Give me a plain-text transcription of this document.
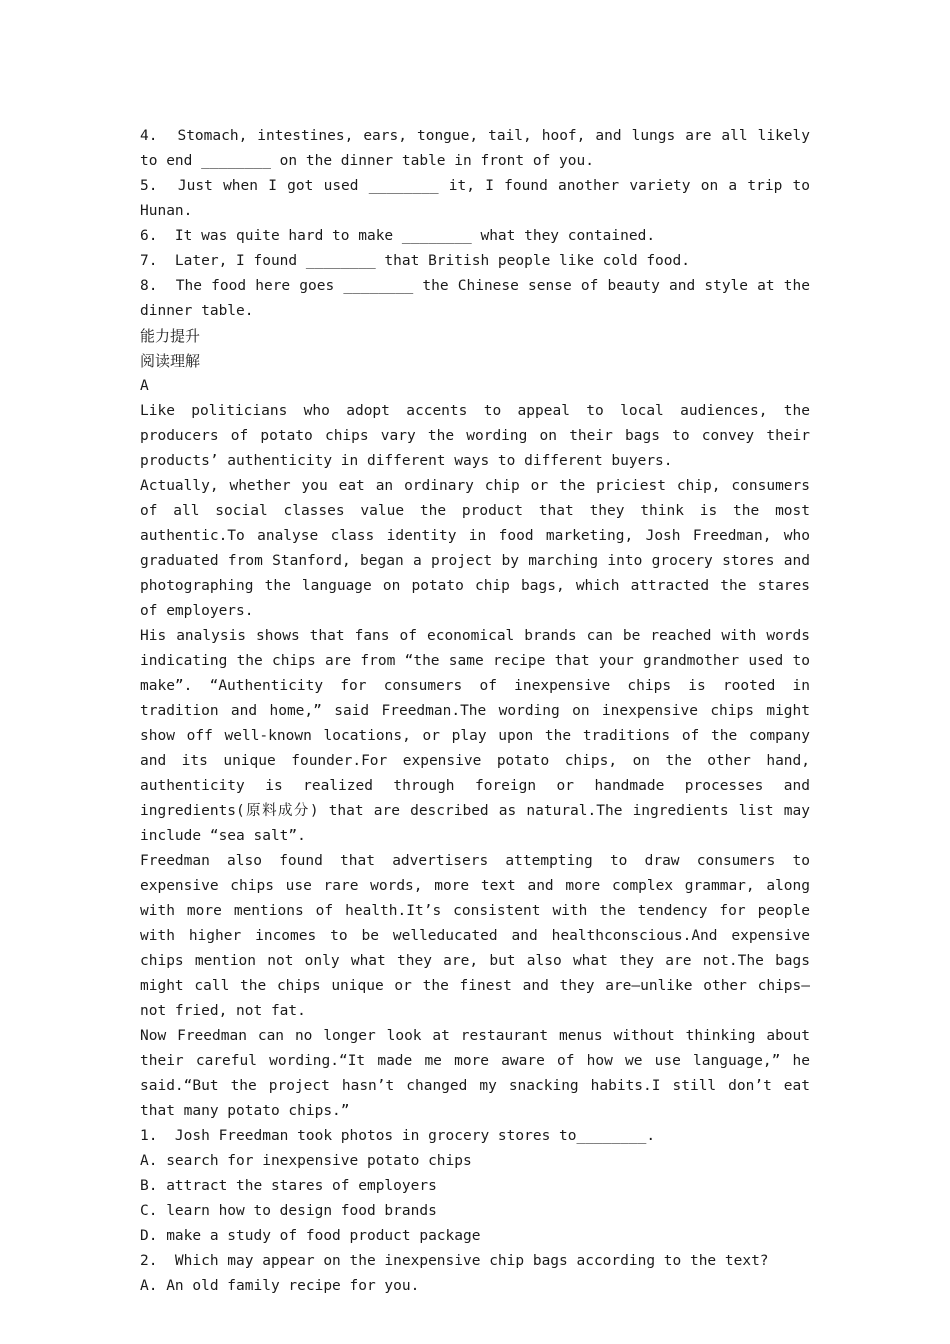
4.  Stomach, intestines, ears, tongue, tail, hoof, and lungs are all likely to end ________ on the dinner table in front of you.

5.  Just when I got used ________ it, I found another variety on a trip to Hunan.

6.  It was quite hard to make ________ what they contained.

7.  Later, I found ________ that British people like cold food.

8.  The food here goes ________ the Chinese sense of beauty and style at the dinner table.

能力提升

阅读理解

A

Like politicians who adopt accents to appeal to local audiences, the producers of potato chips vary the wording on their bags to convey their products’ authenticity in different ways to different buyers.

Actually, whether you eat an ordinary chip or the priciest chip, consumers of all social classes value the product that they think is the most authentic.To analyse class identity in food marketing, Josh Freedman, who graduated from Stanford, began a project by marching into grocery stores and photographing the language on potato chip bags, which attracted the stares of employers.

His analysis shows that fans of economical brands can be reached with words indicating the chips are from “the same recipe that your grandmother used to make”. “Authenticity for consumers of inexpensive chips is rooted in tradition and home,” said Freedman.The wording on inexpensive chips might show off well-known locations, or play upon the traditions of the company and its unique founder.For expensive potato chips, on the other hand, authenticity is realized through foreign or handmade processes and ingredients(原料成分) that are described as natural.The ingredients list may include “sea salt”.

Freedman also found that advertisers attempting to draw consumers to expensive chips use rare words, more text and more complex grammar, along with more mentions of health.It’s consistent with the tendency for people with higher incomes to be welleducated and healthconscious.And expensive chips mention not only what they are, but also what they are not.The bags might call the chips unique or the finest and they are—unlike other chips—not fried, not fat.

Now Freedman can no longer look at restaurant menus without thinking about their careful wording.“It made me more aware of how we use language,” he said.“But the project hasn’t changed my snacking habits.I still don’t eat that many potato chips.”

1.  Josh Freedman took photos in grocery stores to________.

A. search for inexpensive potato chips

B. attract the stares of employers

C. learn how to design food brands

D. make a study of food product package

2.  Which may appear on the inexpensive chip bags according to the text?

A. An old family recipe for you.
